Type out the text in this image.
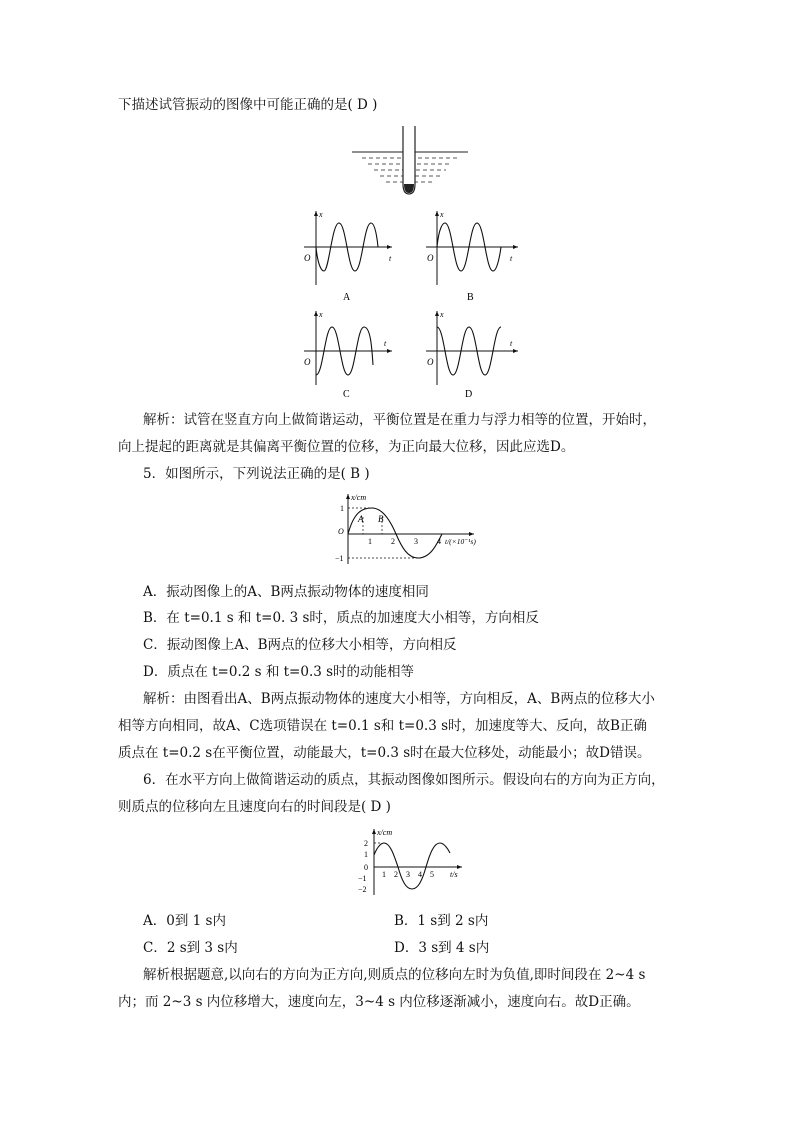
下描述试管振动的图像中可能正确的是( D )
x
t
O
A
x
t
O
B
x
t
O
C
x
t
O
D
解析：试管在竖直方向上做简谐运动，平衡位置是在重力与浮力相等的位置，开始时，
向上提起的距离就是其偏离平衡位置的位移，为正向最大位移，因此应选D。
5．如图所示，下列说法正确的是( B )
x/cm
1
−1
O
A B
1 2 3 4 t/(×10⁻¹s)
A．振动图像上的A、B两点振动物体的速度相同
B．在 t=0.1 s 和 t=0. 3 s时，质点的加速度大小相等，方向相反
C．振动图像上A、B两点的位移大小相等，方向相反
D．质点在 t=0.2 s 和 t=0.3 s时的动能相等
解析：由图看出A、B两点振动物体的速度大小相等，方向相反，A、B两点的位移大小
相等方向相同，故A、C选项错误在 t=0.1 s和 t=0.3 s时，加速度等大、反向，故B正确
质点在 t=0.2 s在平衡位置，动能最大，t=0.3 s时在最大位移处，动能最小；故D错误。
6．在水平方向上做简谐运动的质点，其振动图像如图所示。假设向右的方向为正方向，
则质点的位移向左且速度向右的时间段是( D )
x/cm
2
1
0
−1
−2
1 2 3 4 5 t/s
A．0到 1 s内	B．1 s到 2 s内
C．2 s到 3 s内	D．3 s到 4 s内
解析根据题意,以向右的方向为正方向,则质点的位移向左时为负值,即时间段在 2~4 s
内；而 2~3 s 内位移增大，速度向左，3~4 s 内位移逐渐减小，速度向右。故D正确。
